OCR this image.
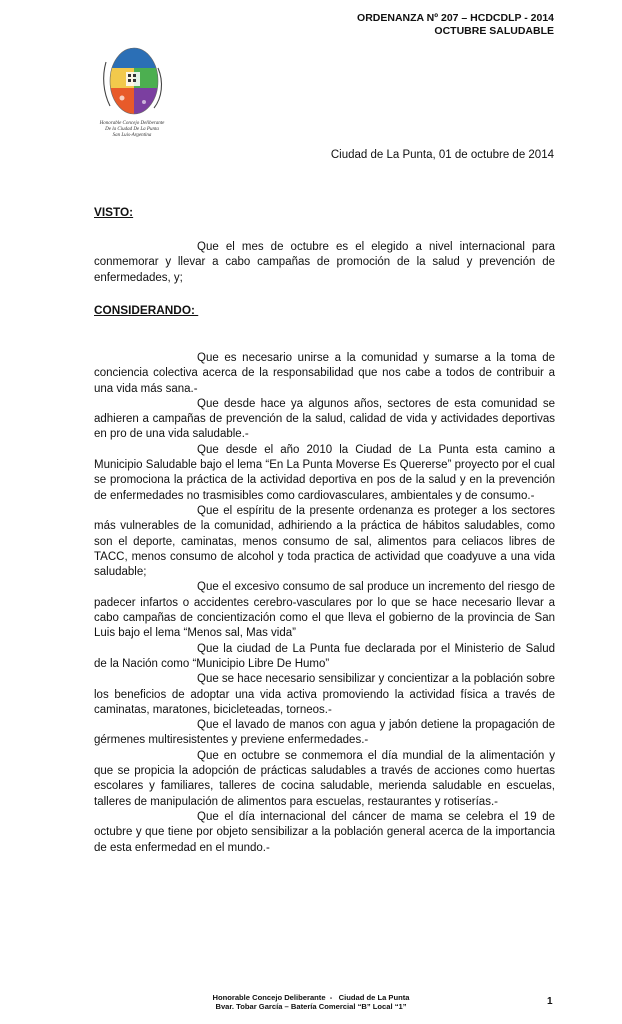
ORDENANZA Nº 207 – HCDCDLP - 2014
OCTUBRE SALUDABLE
Honorable Concejo Deliberante
De la Ciudad De La Punta
San Luis-Argentina
Ciudad de La Punta, 01 de octubre de 2014
VISTO:

Que el mes de octubre es el elegido a nivel internacional para conmemorar y llevar a cabo campañas de promoción de la salud y prevención de enfermedades, y;

CONSIDERANDO:

Que es necesario unirse a la comunidad y sumarse a la toma de conciencia colectiva acerca de la responsabilidad que nos cabe a todos de contribuir a una vida más sana.-

Que desde hace ya algunos años, sectores de esta comunidad se adhieren a campañas de prevención de la salud, calidad de vida y actividades deportivas en pro de una vida saludable.-

Que desde el año 2010 la Ciudad de La Punta esta camino a Municipio Saludable bajo el lema “En La Punta Moverse Es Quererse” proyecto por el cual se promociona la práctica de la actividad deportiva en pos de la salud y en la prevención de enfermedades no trasmisibles como cardiovasculares, ambientales y de consumo.-

Que el espíritu de la presente ordenanza es proteger a los sectores más vulnerables de la comunidad, adhiriendo a la práctica de hábitos saludables, como son el deporte, caminatas, menos consumo de sal, alimentos para celiacos libres de TACC, menos consumo de alcohol y toda practica de actividad que coadyuve a una vida saludable;

Que el excesivo consumo de sal produce un incremento del riesgo de padecer infartos o accidentes cerebro-vasculares por lo que se hace necesario llevar a cabo campañas de concientización como el que lleva el gobierno de la provincia de San Luis bajo el lema “Menos sal, Mas vida”

Que la ciudad de La Punta fue declarada por el Ministerio de Salud de la Nación como “Municipio Libre De Humo”

Que se hace necesario sensibilizar y concientizar a la población sobre los beneficios de adoptar una vida activa promoviendo la actividad física a través de caminatas, maratones, bicicleteadas, torneos.-

Que el lavado de manos con agua y jabón detiene la propagación de gérmenes multiresistentes y previene enfermedades.-

Que en octubre se conmemora el día mundial de la alimentación y que se propicia la adopción de prácticas saludables a través de acciones como huertas escolares y familiares, talleres de cocina saludable, merienda saludable en escuelas, talleres de manipulación de alimentos para escuelas, restaurantes y rotiserías.-

Que el día internacional del cáncer de mama se celebra el 19 de octubre y que tiene por objeto sensibilizar a la población general acerca de la importancia de esta enfermedad en el mundo.-

Honorable Concejo Deliberante  -   Ciudad de La Punta
Bvar. Tobar García – Batería Comercial “B” Local “1”	1
